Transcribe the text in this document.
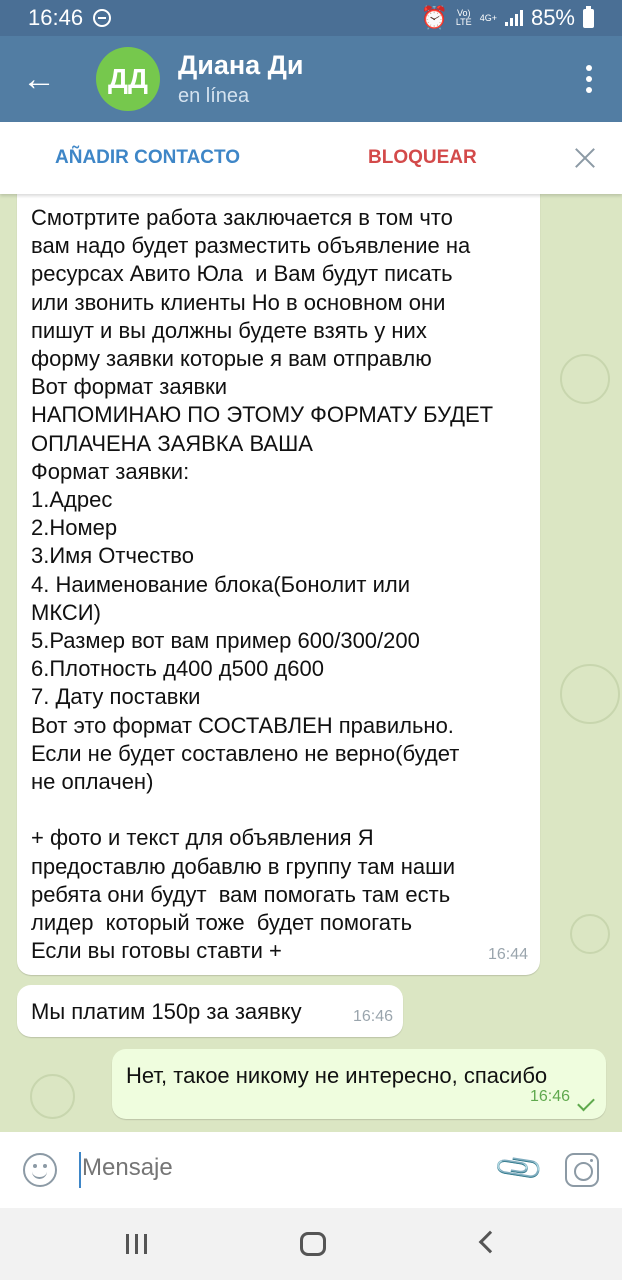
16:46	⏰ Vo)
LTE 4G+ 85%
←	ДД	Диана Ди
en línea
AÑADIR CONTACTO	BLOQUEAR
Смотртите работа заключается в том что
вам надо будет разместить объявление на
ресурсах Авито Юла  и Вам будут писать
или звонить клиенты Но в основном они
пишут и вы должны будете взять у них
форму заявки которые я вам отправлю
Вот формат заявки
НАПОМИНАЮ ПО ЭТОМУ ФОРМАТУ БУДЕТ
ОПЛАЧЕНА ЗАЯВКА ВАША
Формат заявки:
1.Адрес
2.Номер
3.Имя Отчество
4. Наименование блока(Бонолит или
МКСИ)
5.Размер вот вам пример 600/300/200
6.Плотность д400 д500 д600
7. Дату поставки
Вот это формат СОСТАВЛЕН правильно.
Если не будет составлено не верно(будет
не оплачен)

+ фото и текст для объявления Я
предоставлю добавлю в группу там наши
ребята они будут  вам помогать там есть
лидер  который тоже  будет помогать
Если вы готовы ставти +	16:44
Мы платим 150р за заявку	16:46
Нет, такое никому не интересно, спасибо
16:46
Mensaje
📎
